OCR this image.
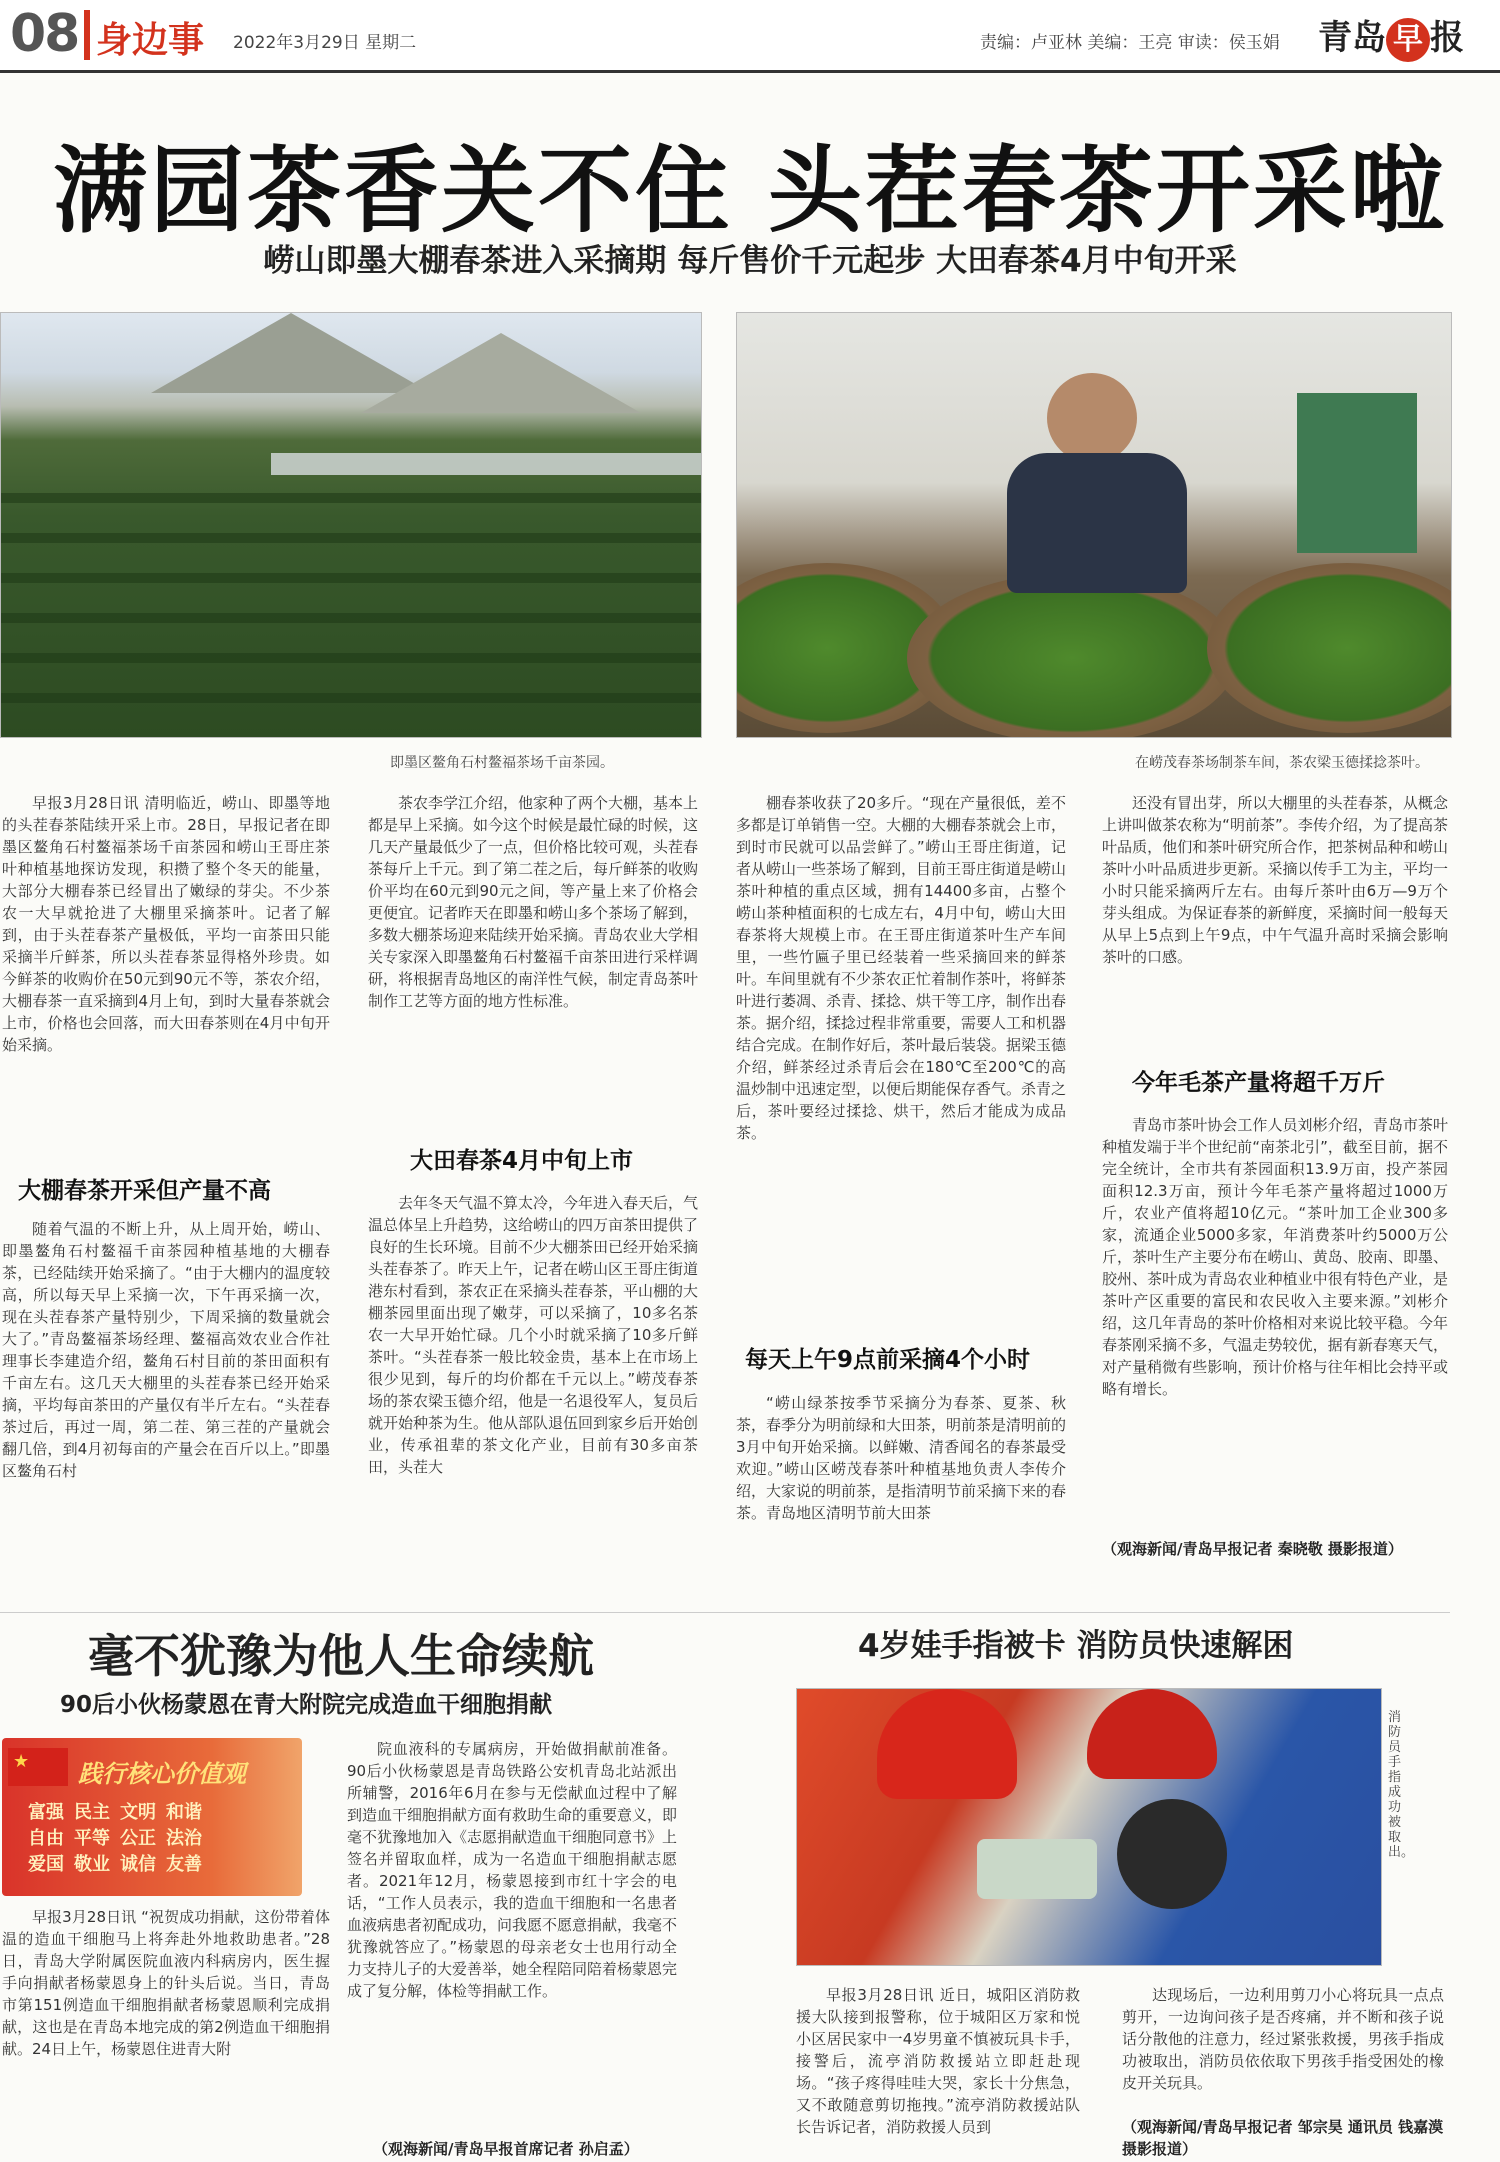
08 身边事 2022年3月29日 星期二	责编：卢亚林 美编：王亮 审读：侯玉娟 青岛 早 报
满园茶香关不住 头茬春茶开采啦
崂山即墨大棚春茶进入采摘期 每斤售价千元起步 大田春茶4月中旬开采
即墨区鳌角石村鳌福茶场千亩茶园。	在崂茂春茶场制茶车间，茶农梁玉德揉捻茶叶。

早报3月28日讯 清明临近，崂山、即墨等地的头茬春茶陆续开采上市。28日，早报记者在即墨区鳌角石村鳌福茶场千亩茶园和崂山王哥庄茶叶种植基地探访发现，积攒了整个冬天的能量，大部分大棚春茶已经冒出了嫩绿的芽尖。不少茶农一大早就抢进了大棚里采摘茶叶。记者了解到，由于头茬春茶产量极低，平均一亩茶田只能采摘半斤鲜茶，所以头茬春茶显得格外珍贵。如今鲜茶的收购价在50元到90元不等，茶农介绍，大棚春茶一直采摘到4月上旬，到时大量春茶就会上市，价格也会回落，而大田春茶则在4月中旬开始采摘。

大棚春茶开采但产量不高

随着气温的不断上升，从上周开始，崂山、即墨鳌角石村鳌福千亩茶园种植基地的大棚春茶，已经陆续开始采摘了。“由于大棚内的温度较高，所以每天早上采摘一次，下午再采摘一次，现在头茬春茶产量特别少，下周采摘的数量就会大了。”青岛鳌福茶场经理、鳌福高效农业合作社理事长李建造介绍，鳌角石村目前的茶田面积有千亩左右。这几天大棚里的头茬春茶已经开始采摘，平均每亩茶田的产量仅有半斤左右。“头茬春茶过后，再过一周，第二茬、第三茬的产量就会翻几倍，到4月初每亩的产量会在百斤以上。”即墨区鳌角石村

茶农李学江介绍，他家种了两个大棚，基本上都是早上采摘。如今这个时候是最忙碌的时候，这几天产量最低少了一点，但价格比较可观，头茬春茶每斤上千元。到了第二茬之后，每斤鲜茶的收购价平均在60元到90元之间，等产量上来了价格会更便宜。记者昨天在即墨和崂山多个茶场了解到，多数大棚茶场迎来陆续开始采摘。青岛农业大学相关专家深入即墨鳌角石村鳌福千亩茶田进行采样调研，将根据青岛地区的南洋性气候，制定青岛茶叶制作工艺等方面的地方性标准。

大田春茶4月中旬上市

去年冬天气温不算太冷，今年进入春天后，气温总体呈上升趋势，这给崂山的四万亩茶田提供了良好的生长环境。目前不少大棚茶田已经开始采摘头茬春茶了。昨天上午，记者在崂山区王哥庄街道港东村看到，茶农正在采摘头茬春茶，平山棚的大棚茶园里面出现了嫩芽，可以采摘了，10多名茶农一大早开始忙碌。几个小时就采摘了10多斤鲜茶叶。“头茬春茶一般比较金贵，基本上在市场上很少见到，每斤的均价都在千元以上。”崂茂春茶场的茶农梁玉德介绍，他是一名退役军人，复员后就开始种茶为生。他从部队退伍回到家乡后开始创业，传承祖辈的茶文化产业，目前有30多亩茶田，头茬大

棚春茶收获了20多斤。“现在产量很低，差不多都是订单销售一空。大棚的大棚春茶就会上市，到时市民就可以品尝鲜了。”崂山王哥庄街道，记者从崂山一些茶场了解到，目前王哥庄街道是崂山茶叶种植的重点区域，拥有14400多亩，占整个崂山茶种植面积的七成左右，4月中旬，崂山大田春茶将大规模上市。在王哥庄街道茶叶生产车间里，一些竹匾子里已经装着一些采摘回来的鲜茶叶。车间里就有不少茶农正忙着制作茶叶，将鲜茶叶进行萎凋、杀青、揉捻、烘干等工序，制作出春茶。据介绍，揉捻过程非常重要，需要人工和机器结合完成。在制作好后，茶叶最后装袋。据梁玉德介绍，鲜茶经过杀青后会在180℃至200℃的高温炒制中迅速定型，以便后期能保存香气。杀青之后，茶叶要经过揉捻、烘干，然后才能成为成品茶。

每天上午9点前采摘4个小时

“崂山绿茶按季节采摘分为春茶、夏茶、秋茶，春季分为明前绿和大田茶，明前茶是清明前的3月中旬开始采摘。以鲜嫩、清香闻名的春茶最受欢迎。”崂山区崂茂春茶叶种植基地负责人李传介绍，大家说的明前茶，是指清明节前采摘下来的春茶。青岛地区清明节前大田茶

还没有冒出芽，所以大棚里的头茬春茶，从概念上讲叫做茶农称为“明前茶”。李传介绍，为了提高茶叶品质，他们和茶叶研究所合作，把茶树品种和崂山茶叶小叶品质进步更新。采摘以传手工为主，平均一小时只能采摘两斤左右。由每斤茶叶由6万—9万个芽头组成。为保证春茶的新鲜度，采摘时间一般每天从早上5点到上午9点，中午气温升高时采摘会影响茶叶的口感。

今年毛茶产量将超千万斤

青岛市茶叶协会工作人员刘彬介绍，青岛市茶叶种植发端于半个世纪前“南茶北引”，截至目前，据不完全统计，全市共有茶园面积13.9万亩，投产茶园面积12.3万亩，预计今年毛茶产量将超过1000万斤，农业产值将超10亿元。“茶叶加工企业300多家，流通企业5000多家，年消费茶叶约5000万公斤，茶叶生产主要分布在崂山、黄岛、胶南、即墨、胶州、茶叶成为青岛农业种植业中很有特色产业，是茶叶产区重要的富民和农民收入主要来源。”刘彬介绍，这几年青岛的茶叶价格相对来说比较平稳。今年春茶刚采摘不多，气温走势较优，据有新春寒天气，对产量稍微有些影响，预计价格与往年相比会持平或略有增长。

（观海新闻/青岛早报记者 秦晓敬 摄影报道）
毫不犹豫为他人生命续航
90后小伙杨蒙恩在青大附院完成造血干细胞捐献
★ 践行核心价值观
富强 民主 文明 和谐
自由 平等 公正 法治
爱国 敬业 诚信 友善

早报3月28日讯 “祝贺成功捐献，这份带着体温的造血干细胞马上将奔赴外地救助患者。”28日，青岛大学附属医院血液内科病房内，医生握手向捐献者杨蒙恩身上的针头后说。当日，青岛市第151例造血干细胞捐献者杨蒙恩顺利完成捐献，这也是在青岛本地完成的第2例造血干细胞捐献。24日上午，杨蒙恩住进青大附

院血液科的专属病房，开始做捐献前准备。90后小伙杨蒙恩是青岛铁路公安机青岛北站派出所辅警，2016年6月在参与无偿献血过程中了解到造血干细胞捐献方面有救助生命的重要意义，即毫不犹豫地加入《志愿捐献造血干细胞同意书》上签名并留取血样，成为一名造血干细胞捐献志愿者。2021年12月，杨蒙恩接到市红十字会的电话，“工作人员表示，我的造血干细胞和一名患者血液病患者初配成功，问我愿不愿意捐献，我毫不犹豫就答应了。”杨蒙恩的母亲老女士也用行动全力支持儿子的大爱善举，她全程陪同陪着杨蒙恩完成了复分解，体检等捐献工作。

（观海新闻/青岛早报首席记者 孙启孟）
4岁娃手指被卡 消防员快速解困
消防员手指成功被取出。

早报3月28日讯 近日，城阳区消防救援大队接到报警称，位于城阳区万家和悦小区居民家中一4岁男童不慎被玩具卡手，接警后，流亭消防救援站立即赶赴现场。“孩子疼得哇哇大哭，家长十分焦急，又不敢随意剪切拖拽。”流亭消防救援站队长告诉记者，消防救援人员到

达现场后，一边利用剪刀小心将玩具一点点剪开，一边询问孩子是否疼痛，并不断和孩子说话分散他的注意力，经过紧张救援，男孩手指成功被取出，消防员依依取下男孩手指受困处的橡皮开关玩具。

（观海新闻/青岛早报记者 邹宗昊 通讯员 钱嘉漠 摄影报道）
